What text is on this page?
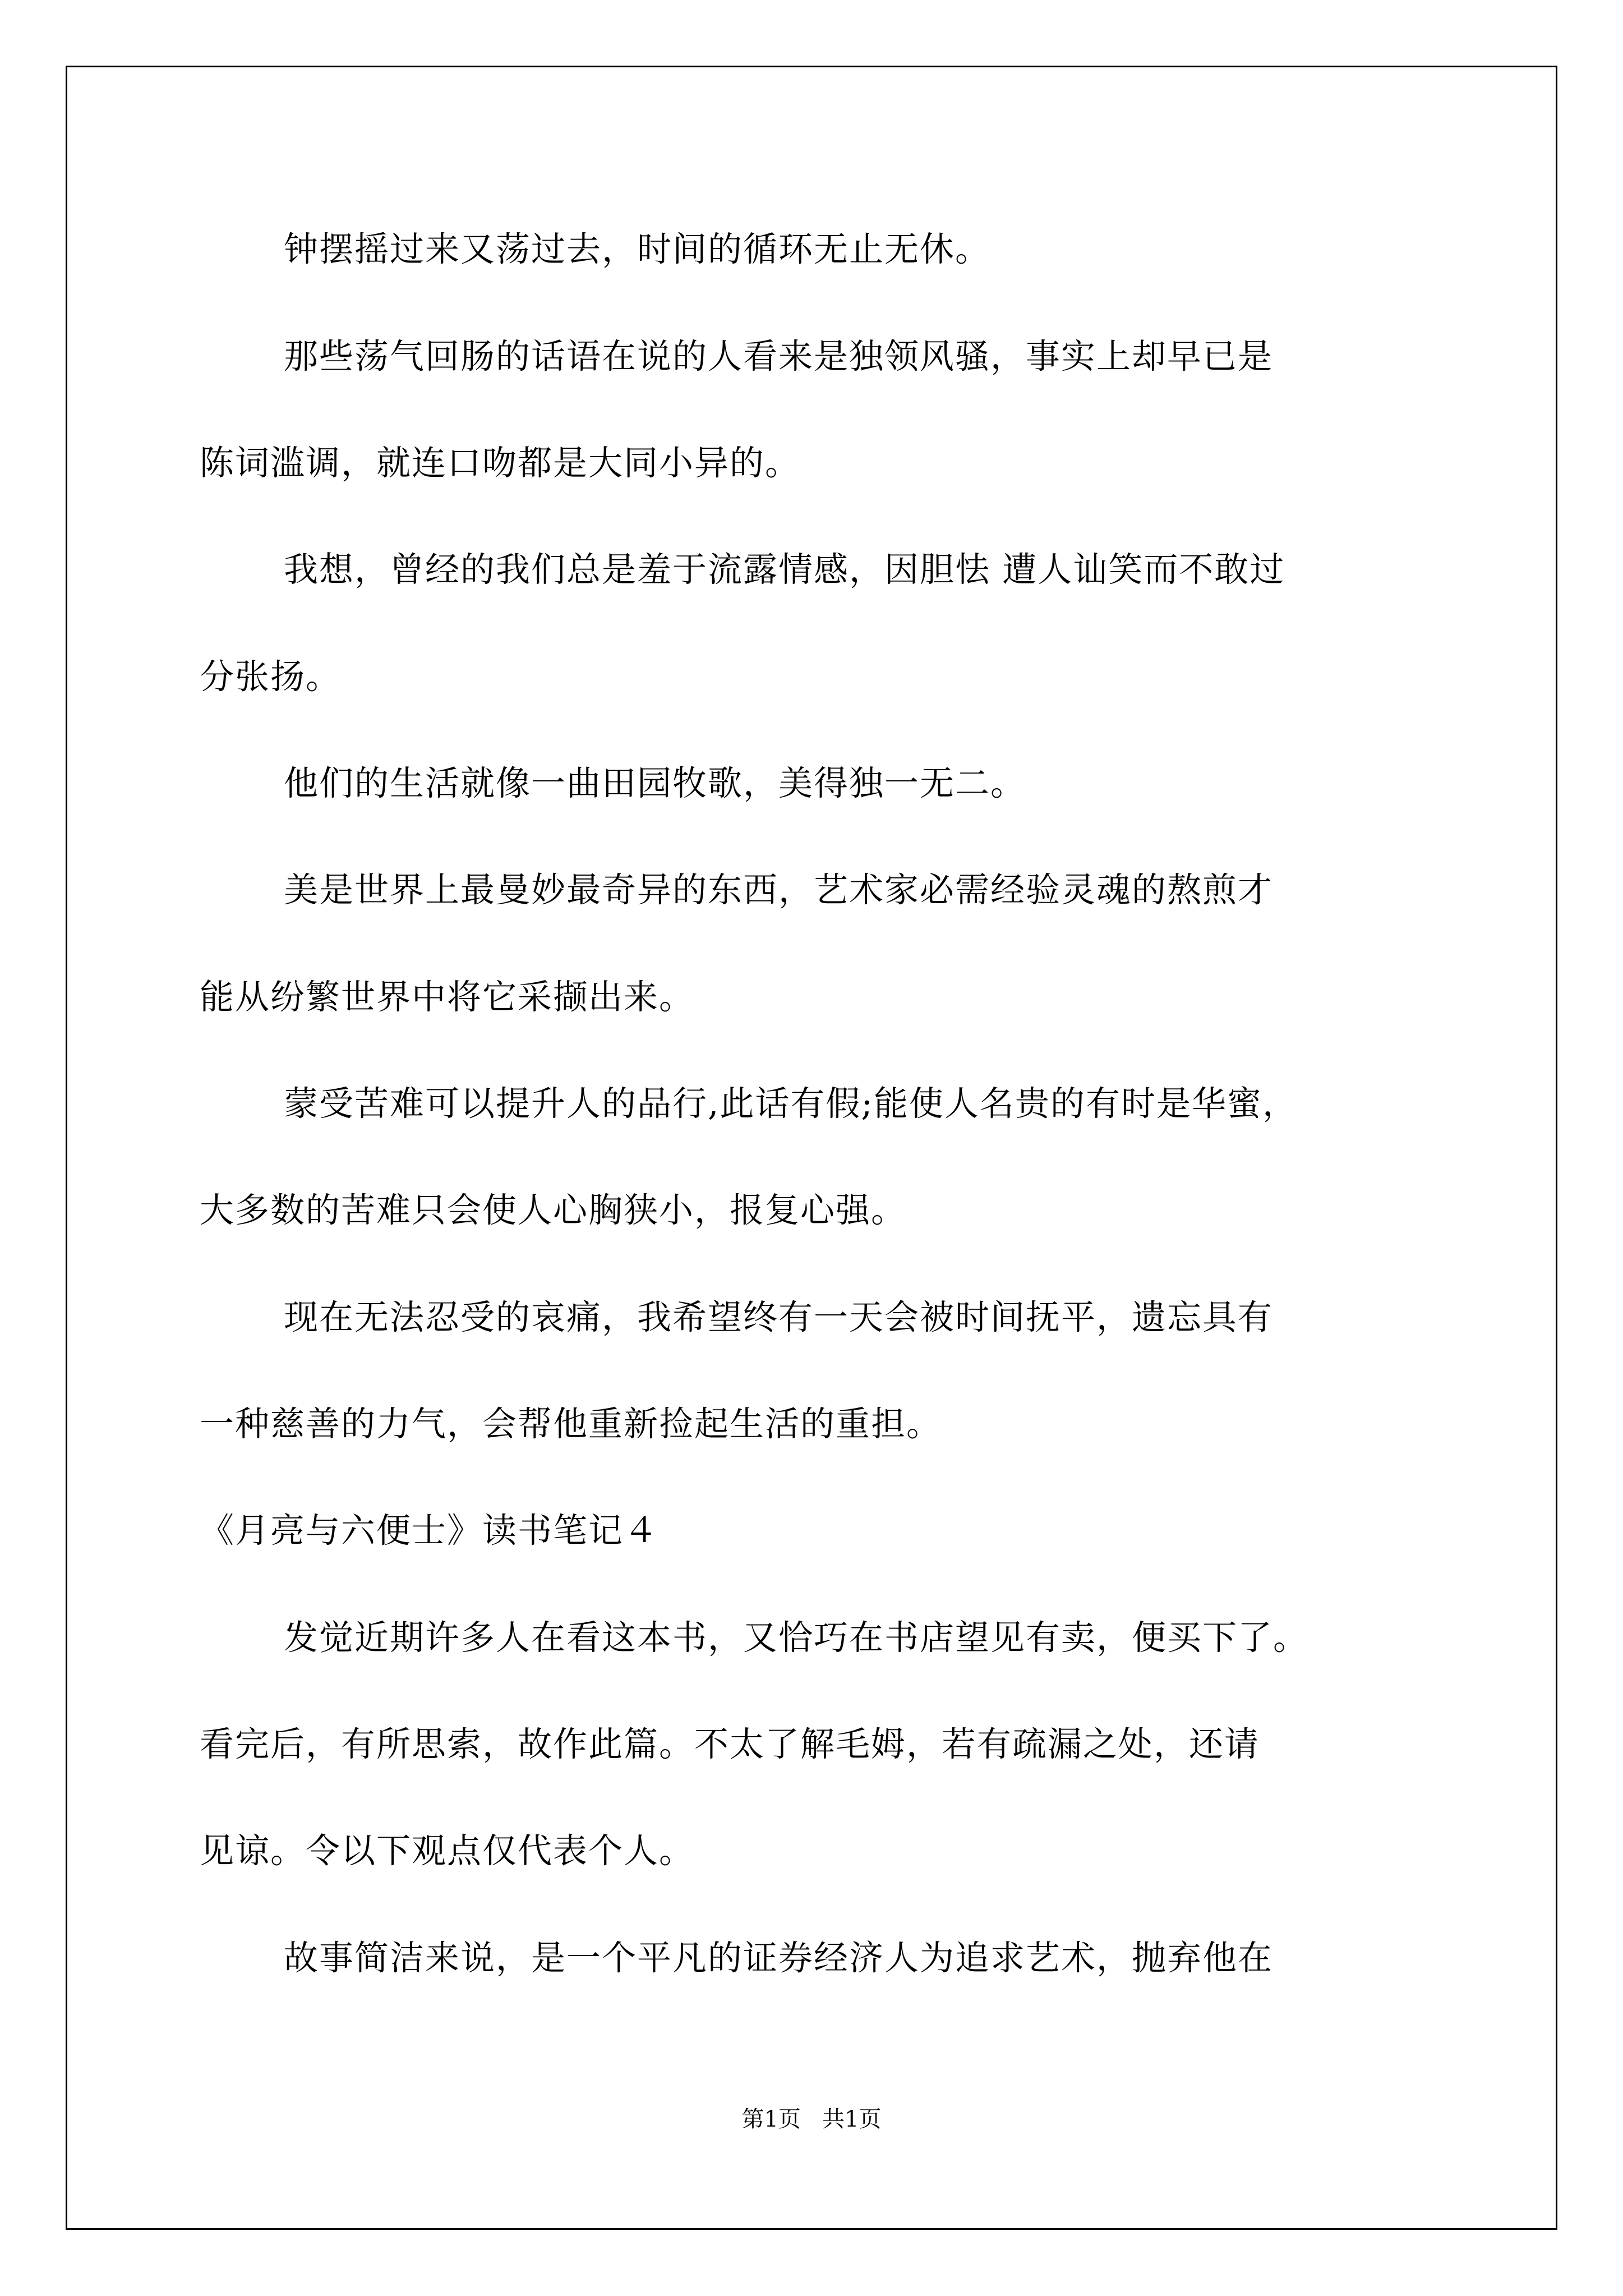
钟摆摇过来又荡过去，时间的循环无止无休。
那些荡气回肠的话语在说的人看来是独领风骚，事实上却早已是
陈词滥调，就连口吻都是大同小异的。
我想，曾经的我们总是羞于流露情感，因胆怯 遭人讪笑而不敢过
分张扬。
他们的生活就像一曲田园牧歌，美得独一无二。
美是世界上最曼妙最奇异的东西，艺术家必需经验灵魂的熬煎才
能从纷繁世界中将它采撷出来。
蒙受苦难可以提升人的品行,此话有假;能使人名贵的有时是华蜜，
大多数的苦难只会使人心胸狭小，报复心强。
现在无法忍受的哀痛，我希望终有一天会被时间抚平，遗忘具有
一种慈善的力气，会帮他重新捡起生活的重担。
《月亮与六便士》读书笔记４
发觉近期许多人在看这本书，又恰巧在书店望见有卖，便买下了。
看完后，有所思索，故作此篇。不太了解毛姆，若有疏漏之处，还请
见谅。令以下观点仅代表个人。
故事简洁来说，是一个平凡的证券经济人为追求艺术，抛弃他在
第1页   共1页
